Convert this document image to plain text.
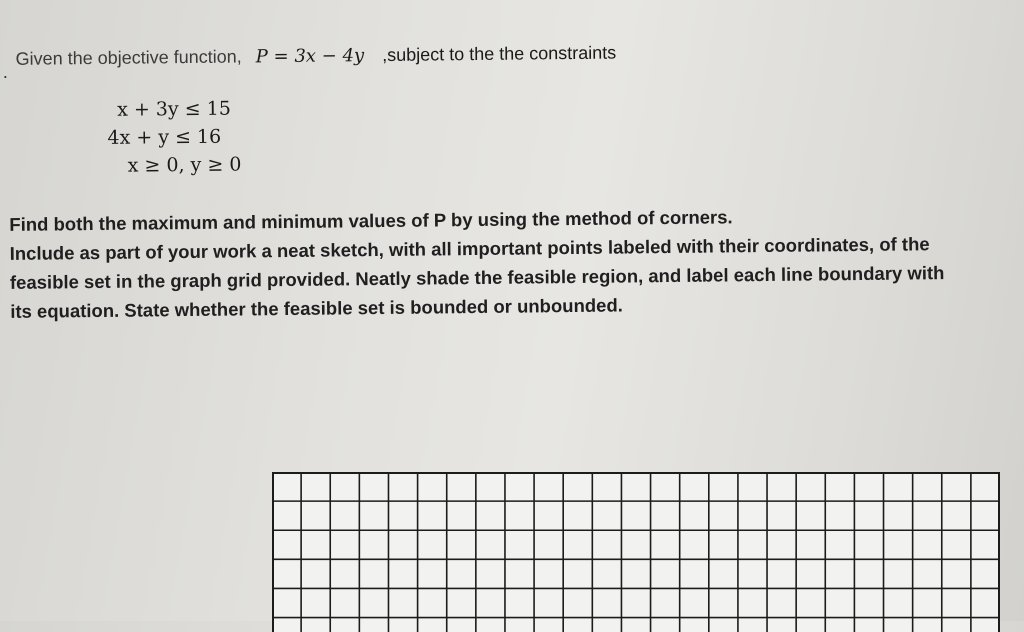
.
Given the objective function, P = 3x − 4y ,subject to the the constraints
x + 3y ≤ 15
4x + y ≤ 16
x ≥ 0, y ≥ 0
Find both the maximum and minimum values of P by using the method of corners.
Include as part of your work a neat sketch, with all important points labeled with their coordinates, of the
feasible set in the graph grid provided. Neatly shade the feasible region, and label each line boundary with
its equation. State whether the feasible set is bounded or unbounded.
